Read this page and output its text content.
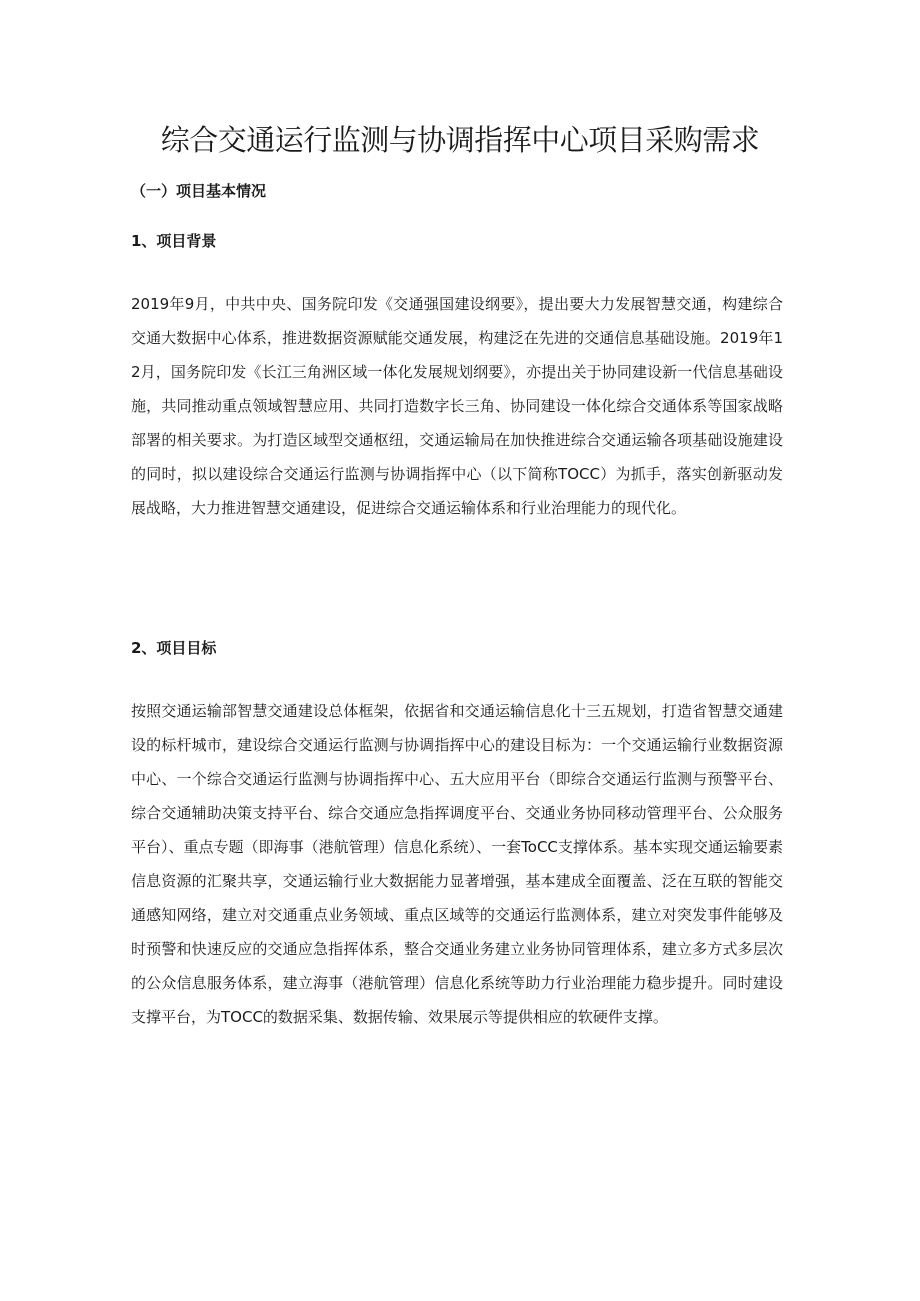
综合交通运行监测与协调指挥中心项目采购需求
（一）项目基本情况
1、项目背景

2019年9月，中共中央、国务院印发《交通强国建设纲要》，提出要大力发展智慧交通，构建综合交通大数据中心体系，推进数据资源赋能交通发展，构建泛在先进的交通信息基础设施。2019年12月，国务院印发《长江三角洲区域一体化发展规划纲要》，亦提出关于协同建设新一代信息基础设施，共同推动重点领域智慧应用、共同打造数字长三角、协同建设一体化综合交通体系等国家战略部署的相关要求。为打造区域型交通枢纽，交通运输局在加快推进综合交通运输各项基础设施建设的同时，拟以建设综合交通运行监测与协调指挥中心（以下简称TOCC）为抓手，落实创新驱动发展战略，大力推进智慧交通建设，促进综合交通运输体系和行业治理能力的现代化。

2、项目目标

按照交通运输部智慧交通建设总体框架，依据省和交通运输信息化十三五规划，打造省智慧交通建设的标杆城市，建设综合交通运行监测与协调指挥中心的建设目标为：一个交通运输行业数据资源中心、一个综合交通运行监测与协调指挥中心、五大应用平台（即综合交通运行监测与预警平台、综合交通辅助决策支持平台、综合交通应急指挥调度平台、交通业务协同移动管理平台、公众服务平台）、重点专题（即海事（港航管理）信息化系统）、一套ToCC支撑体系。基本实现交通运输要素信息资源的汇聚共享，交通运输行业大数据能力显著增强，基本建成全面覆盖、泛在互联的智能交通感知网络，建立对交通重点业务领域、重点区域等的交通运行监测体系，建立对突发事件能够及时预警和快速反应的交通应急指挥体系，整合交通业务建立业务协同管理体系，建立多方式多层次的公众信息服务体系，建立海事（港航管理）信息化系统等助力行业治理能力稳步提升。同时建设支撑平台，为TOCC的数据采集、数据传输、效果展示等提供相应的软硬件支撑。
